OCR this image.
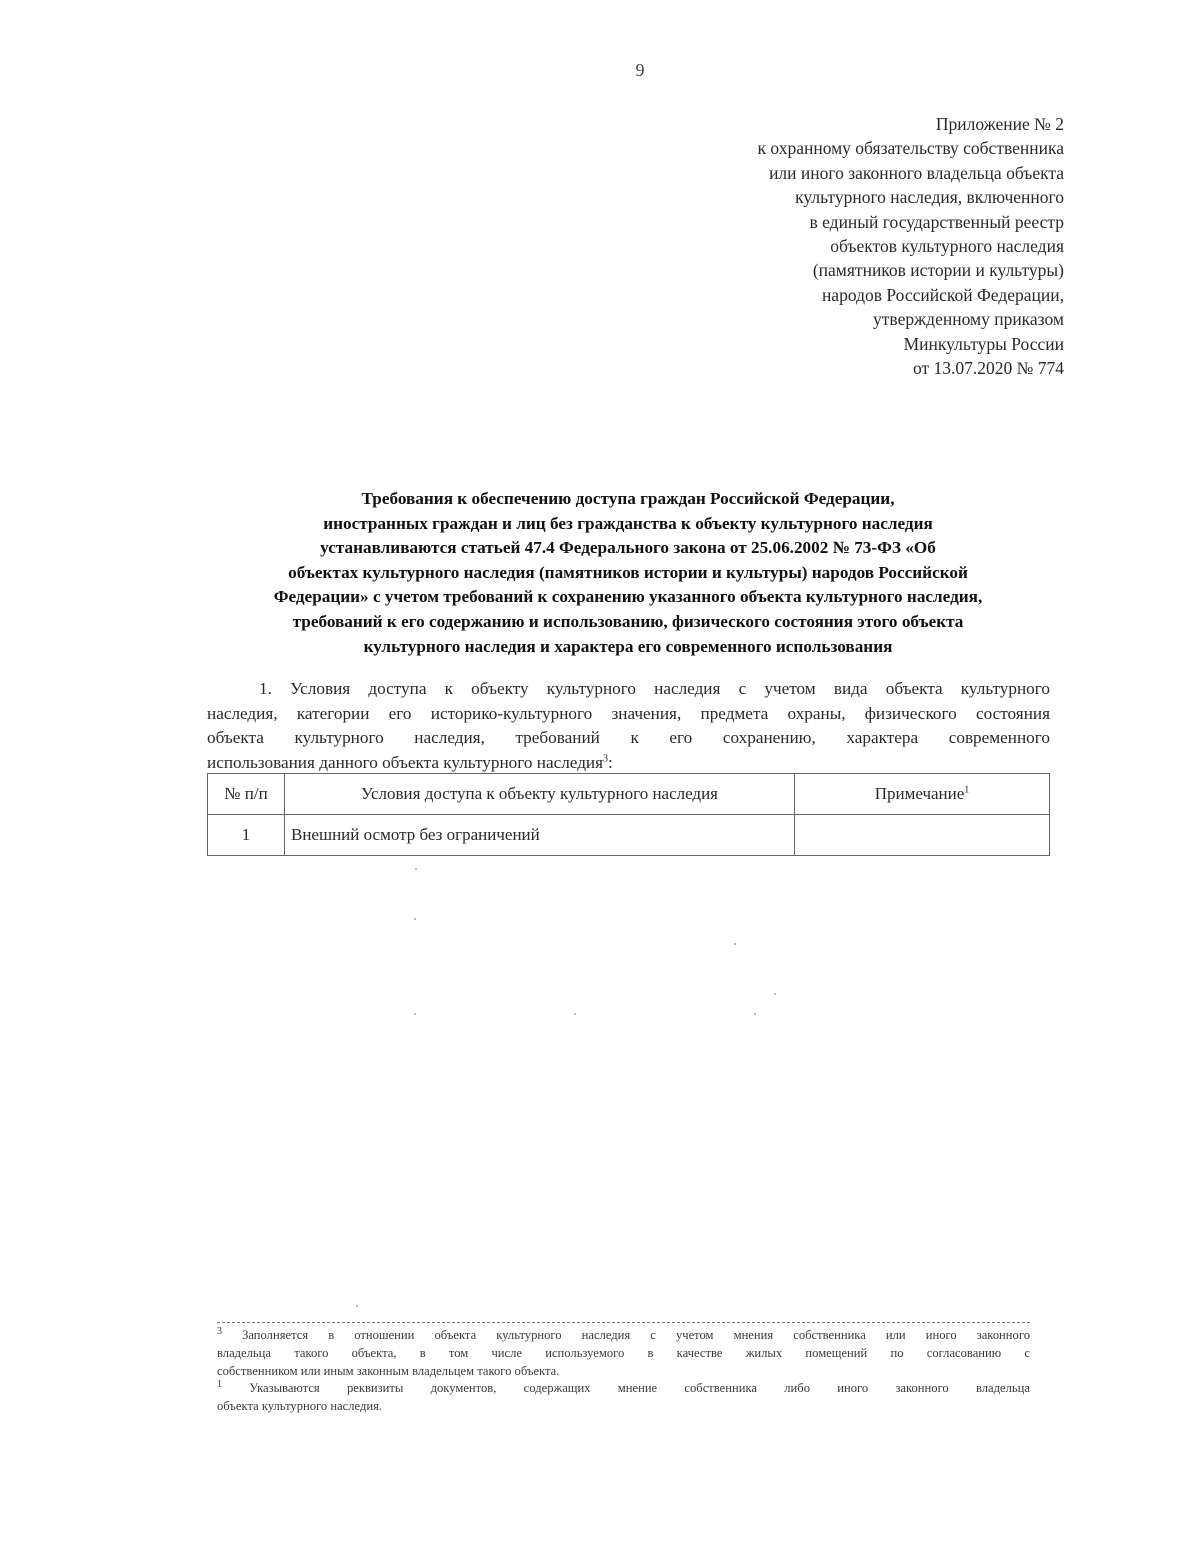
9
Приложение № 2
к охранному обязательству собственника
или иного законного владельца объекта
культурного наследия, включенного
в единый государственный реестр
объектов культурного наследия
(памятников истории и культуры)
народов Российской Федерации,
утвержденному приказом
Минкультуры России
от 13.07.2020 № 774
Требования к обеспечению доступа граждан Российской Федерации,
иностранных граждан и лиц без гражданства к объекту культурного наследия
устанавливаются статьей 47.4 Федерального закона от 25.06.2002 № 73-ФЗ «Об
объектах культурного наследия (памятников истории и культуры) народов Российской
Федерации» с учетом требований к сохранению указанного объекта культурного наследия,
требований к его содержанию и использованию, физического состояния этого объекта
культурного наследия и характера его современного использования
1. Условия доступа к объекту культурного наследия с учетом вида объекта культурного
наследия, категории его историко-культурного значения, предмета охраны, физического состояния
объекта культурного наследия, требований к его сохранению, характера современного
использования данного объекта культурного наследия$^3$:
№ п/п	Условия доступа к объекту культурного наследия	Примечание$^1$
1	Внешний осмотр без ограничений	
$^3$ Заполняется в отношении объекта культурного наследия с учетом мнения собственника или иного законного
владельца такого объекта, в том числе используемого в качестве жилых помещений по согласованию с
собственником или иным законным владельцем такого объекта.
$^1$ Указываются реквизиты документов, содержащих мнение собственника либо иного законного владельца
объекта культурного наследия.
